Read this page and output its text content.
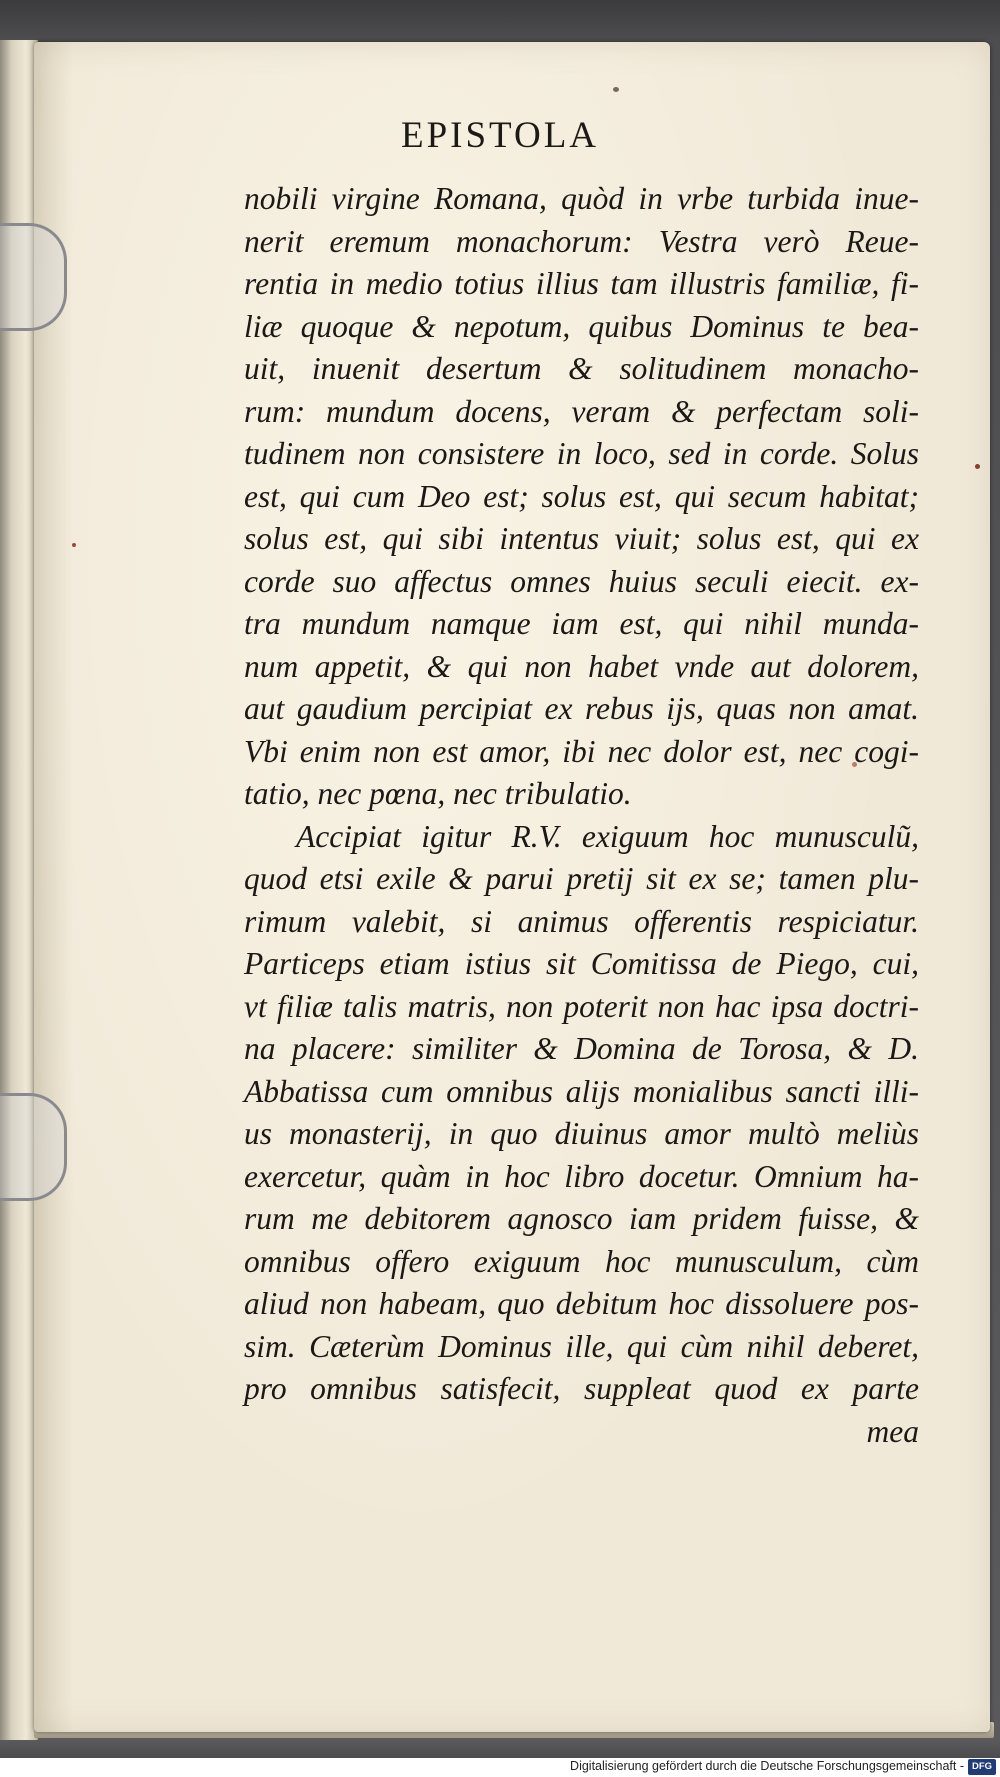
EPISTOLA
nobili virgine Romana, quòd in vrbe turbida inue-
nerit eremum monachorum: Vestra verò Reue-
rentia in medio totius illius tam illustris familiæ, fi-
liæ quoque & nepotum, quibus Dominus te bea-
uit, inuenit desertum & solitudinem monacho-
rum: mundum docens, veram & perfectam soli-
tudinem non consistere in loco, sed in corde. Solus
est, qui cum Deo est; solus est, qui secum habitat;
solus est, qui sibi intentus viuit; solus est, qui ex
corde suo affectus omnes huius seculi eiecit. ex-
tra mundum namque iam est, qui nihil munda-
num appetit, & qui non habet vnde aut dolorem,
aut gaudium percipiat ex rebus ijs, quas non amat.
Vbi enim non est amor, ibi nec dolor est, nec cogi-
tatio, nec pœna, nec tribulatio.
Accipiat igitur R.V. exiguum hoc munusculũ,
quod etsi exile & parui pretij sit ex se; tamen plu-
rimum valebit, si animus offerentis respiciatur.
Particeps etiam istius sit Comitissa de Piego, cui,
vt filiæ talis matris, non poterit non hac ipsa doctri-
na placere: similiter & Domina de Torosa, & D.
Abbatissa cum omnibus alijs monialibus sancti illi-
us monasterij, in quo diuinus amor multò meliùs
exercetur, quàm in hoc libro docetur. Omnium ha-
rum me debitorem agnosco iam pridem fuisse, &
omnibus offero exiguum hoc munusculum, cùm
aliud non habeam, quo debitum hoc dissoluere pos-
sim. Cæterùm Dominus ille, qui cùm nihil deberet,
pro omnibus satisfecit, suppleat quod ex parte
mea
Digitalisierung gefördert durch die Deutsche Forschungsgemeinschaft - DFG
